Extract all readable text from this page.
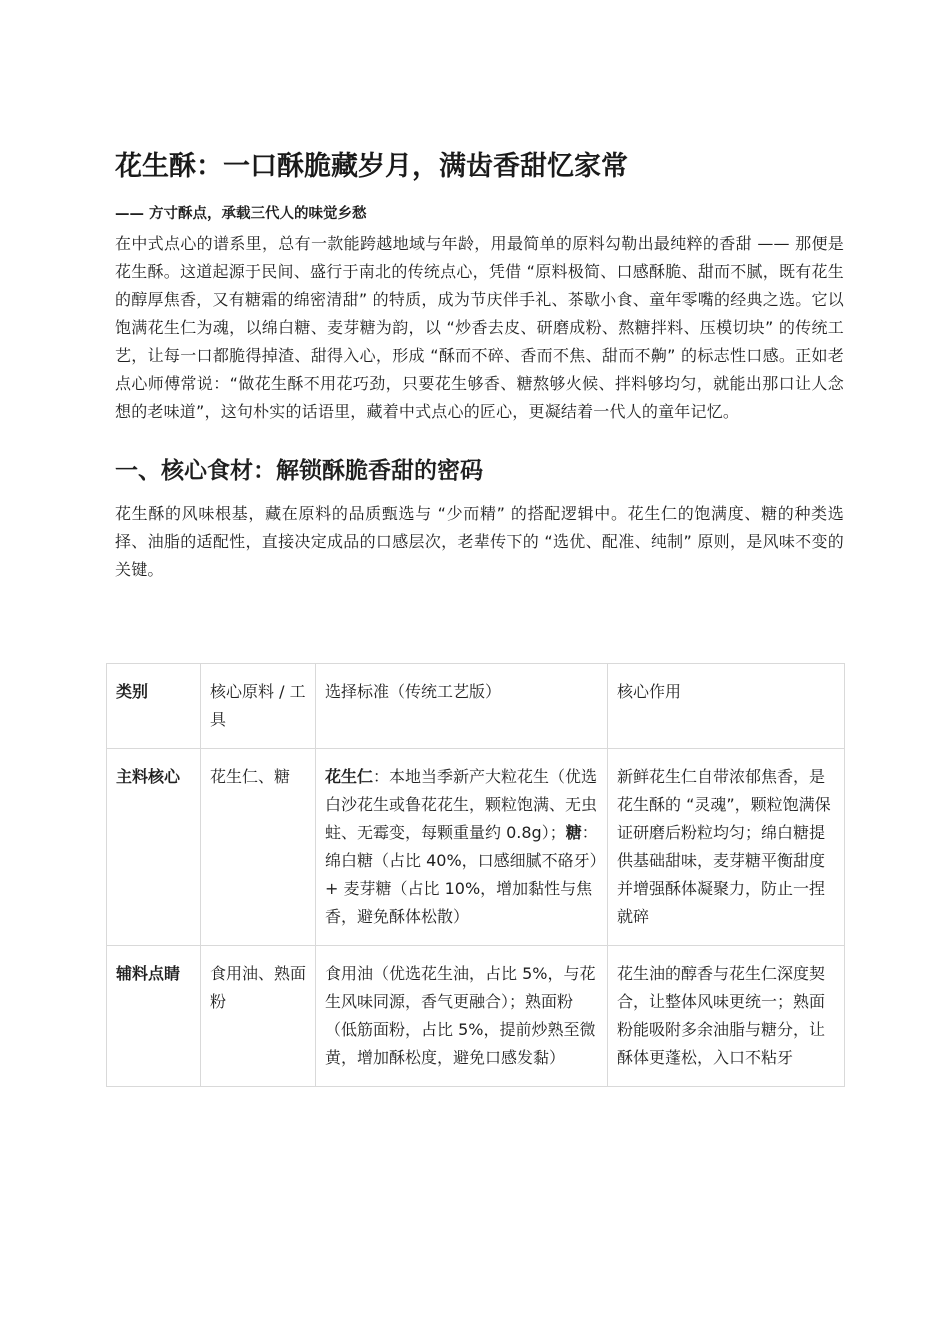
花生酥：一口酥脆藏岁月，满齿香甜忆家常

—— 方寸酥点，承载三代人的味觉乡愁

在中式点心的谱系里，总有一款能跨越地域与年龄，用最简单的原料勾勒出最纯粹的香甜 —— 那便是花生酥。这道起源于民间、盛行于南北的传统点心，凭借 “原料极简、口感酥脆、甜而不腻，既有花生的醇厚焦香，又有糖霜的绵密清甜” 的特质，成为节庆伴手礼、茶歇小食、童年零嘴的经典之选。它以饱满花生仁为魂，以绵白糖、麦芽糖为韵，以 “炒香去皮、研磨成粉、熬糖拌料、压模切块” 的传统工艺，让每一口都脆得掉渣、甜得入心，形成 “酥而不碎、香而不焦、甜而不齁” 的标志性口感。正如老点心师傅常说：“做花生酥不用花巧劲，只要花生够香、糖熬够火候、拌料够均匀，就能出那口让人念想的老味道”，这句朴实的话语里，藏着中式点心的匠心，更凝结着一代人的童年记忆。

一、核心食材：解锁酥脆香甜的密码

花生酥的风味根基，藏在原料的品质甄选与 “少而精” 的搭配逻辑中。花生仁的饱满度、糖的种类选择、油脂的适配性，直接决定成品的口感层次，老辈传下的 “选优、配准、纯制” 原则，是风味不变的关键。

类别	核心原料 / 工具	选择标准（传统工艺版）	核心作用
主料核心	花生仁、糖	花生仁：本地当季新产大粒花生（优选白沙花生或鲁花花生，颗粒饱满、无虫蛀、无霉变，每颗重量约 0.8g）；糖：绵白糖（占比 40%，口感细腻不硌牙）+ 麦芽糖（占比 10%，增加黏性与焦香，避免酥体松散）	新鲜花生仁自带浓郁焦香，是花生酥的 “灵魂”，颗粒饱满保证研磨后粉粒均匀；绵白糖提供基础甜味，麦芽糖平衡甜度并增强酥体凝聚力，防止一捏就碎
辅料点睛	食用油、熟面粉	食用油（优选花生油，占比 5%，与花生风味同源，香气更融合）；熟面粉（低筋面粉，占比 5%，提前炒熟至微黄，增加酥松度，避免口感发黏）	花生油的醇香与花生仁深度契合，让整体风味更统一；熟面粉能吸附多余油脂与糖分，让酥体更蓬松，入口不粘牙
